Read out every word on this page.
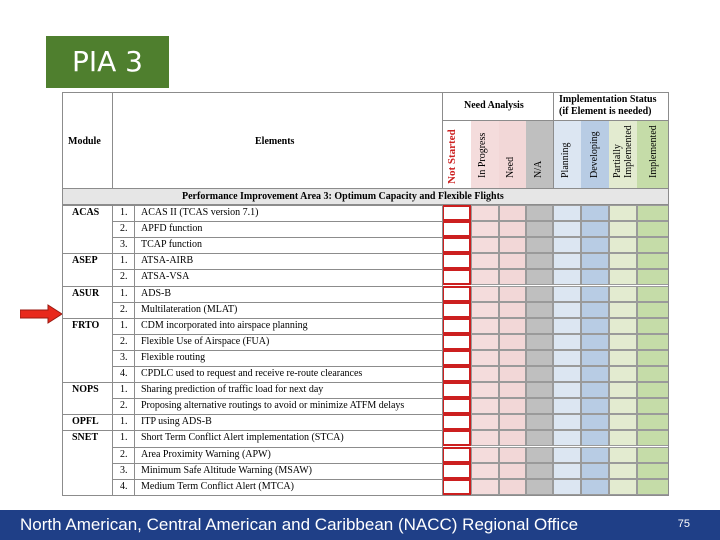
PIA 3
Module	Elements
Need Analysis
Implementation Status
(if Element is needed)
Not Started In Progress Need N/A Planning Developing Partially Implemented Implemented
Performance Improvement Area 3: Optimum Capacity and Flexible Flights
ACAS 1. ACAS II (TCAS version 7.1)
2. APFD function
3. TCAP function
ASEP 1. ATSA-AIRB
2. ATSA-VSA
ASUR 1. ADS-B
2. Multilateration (MLAT)
FRTO 1. CDM incorporated into airspace planning
2. Flexible Use of Airspace (FUA)
3. Flexible routing
4. CPDLC used to request and receive re-route clearances
NOPS 1. Sharing prediction of traffic load for next day
2. Proposing alternative routings to avoid or minimize ATFM delays
OPFL 1. ITP using ADS-B
SNET 1. Short Term Conflict Alert implementation (STCA)
2. Area Proximity Warning (APW)
3. Minimum Safe Altitude Warning (MSAW)
4. Medium Term Conflict Alert (MTCA)
North American, Central American and Caribbean (NACC) Regional Office	75
